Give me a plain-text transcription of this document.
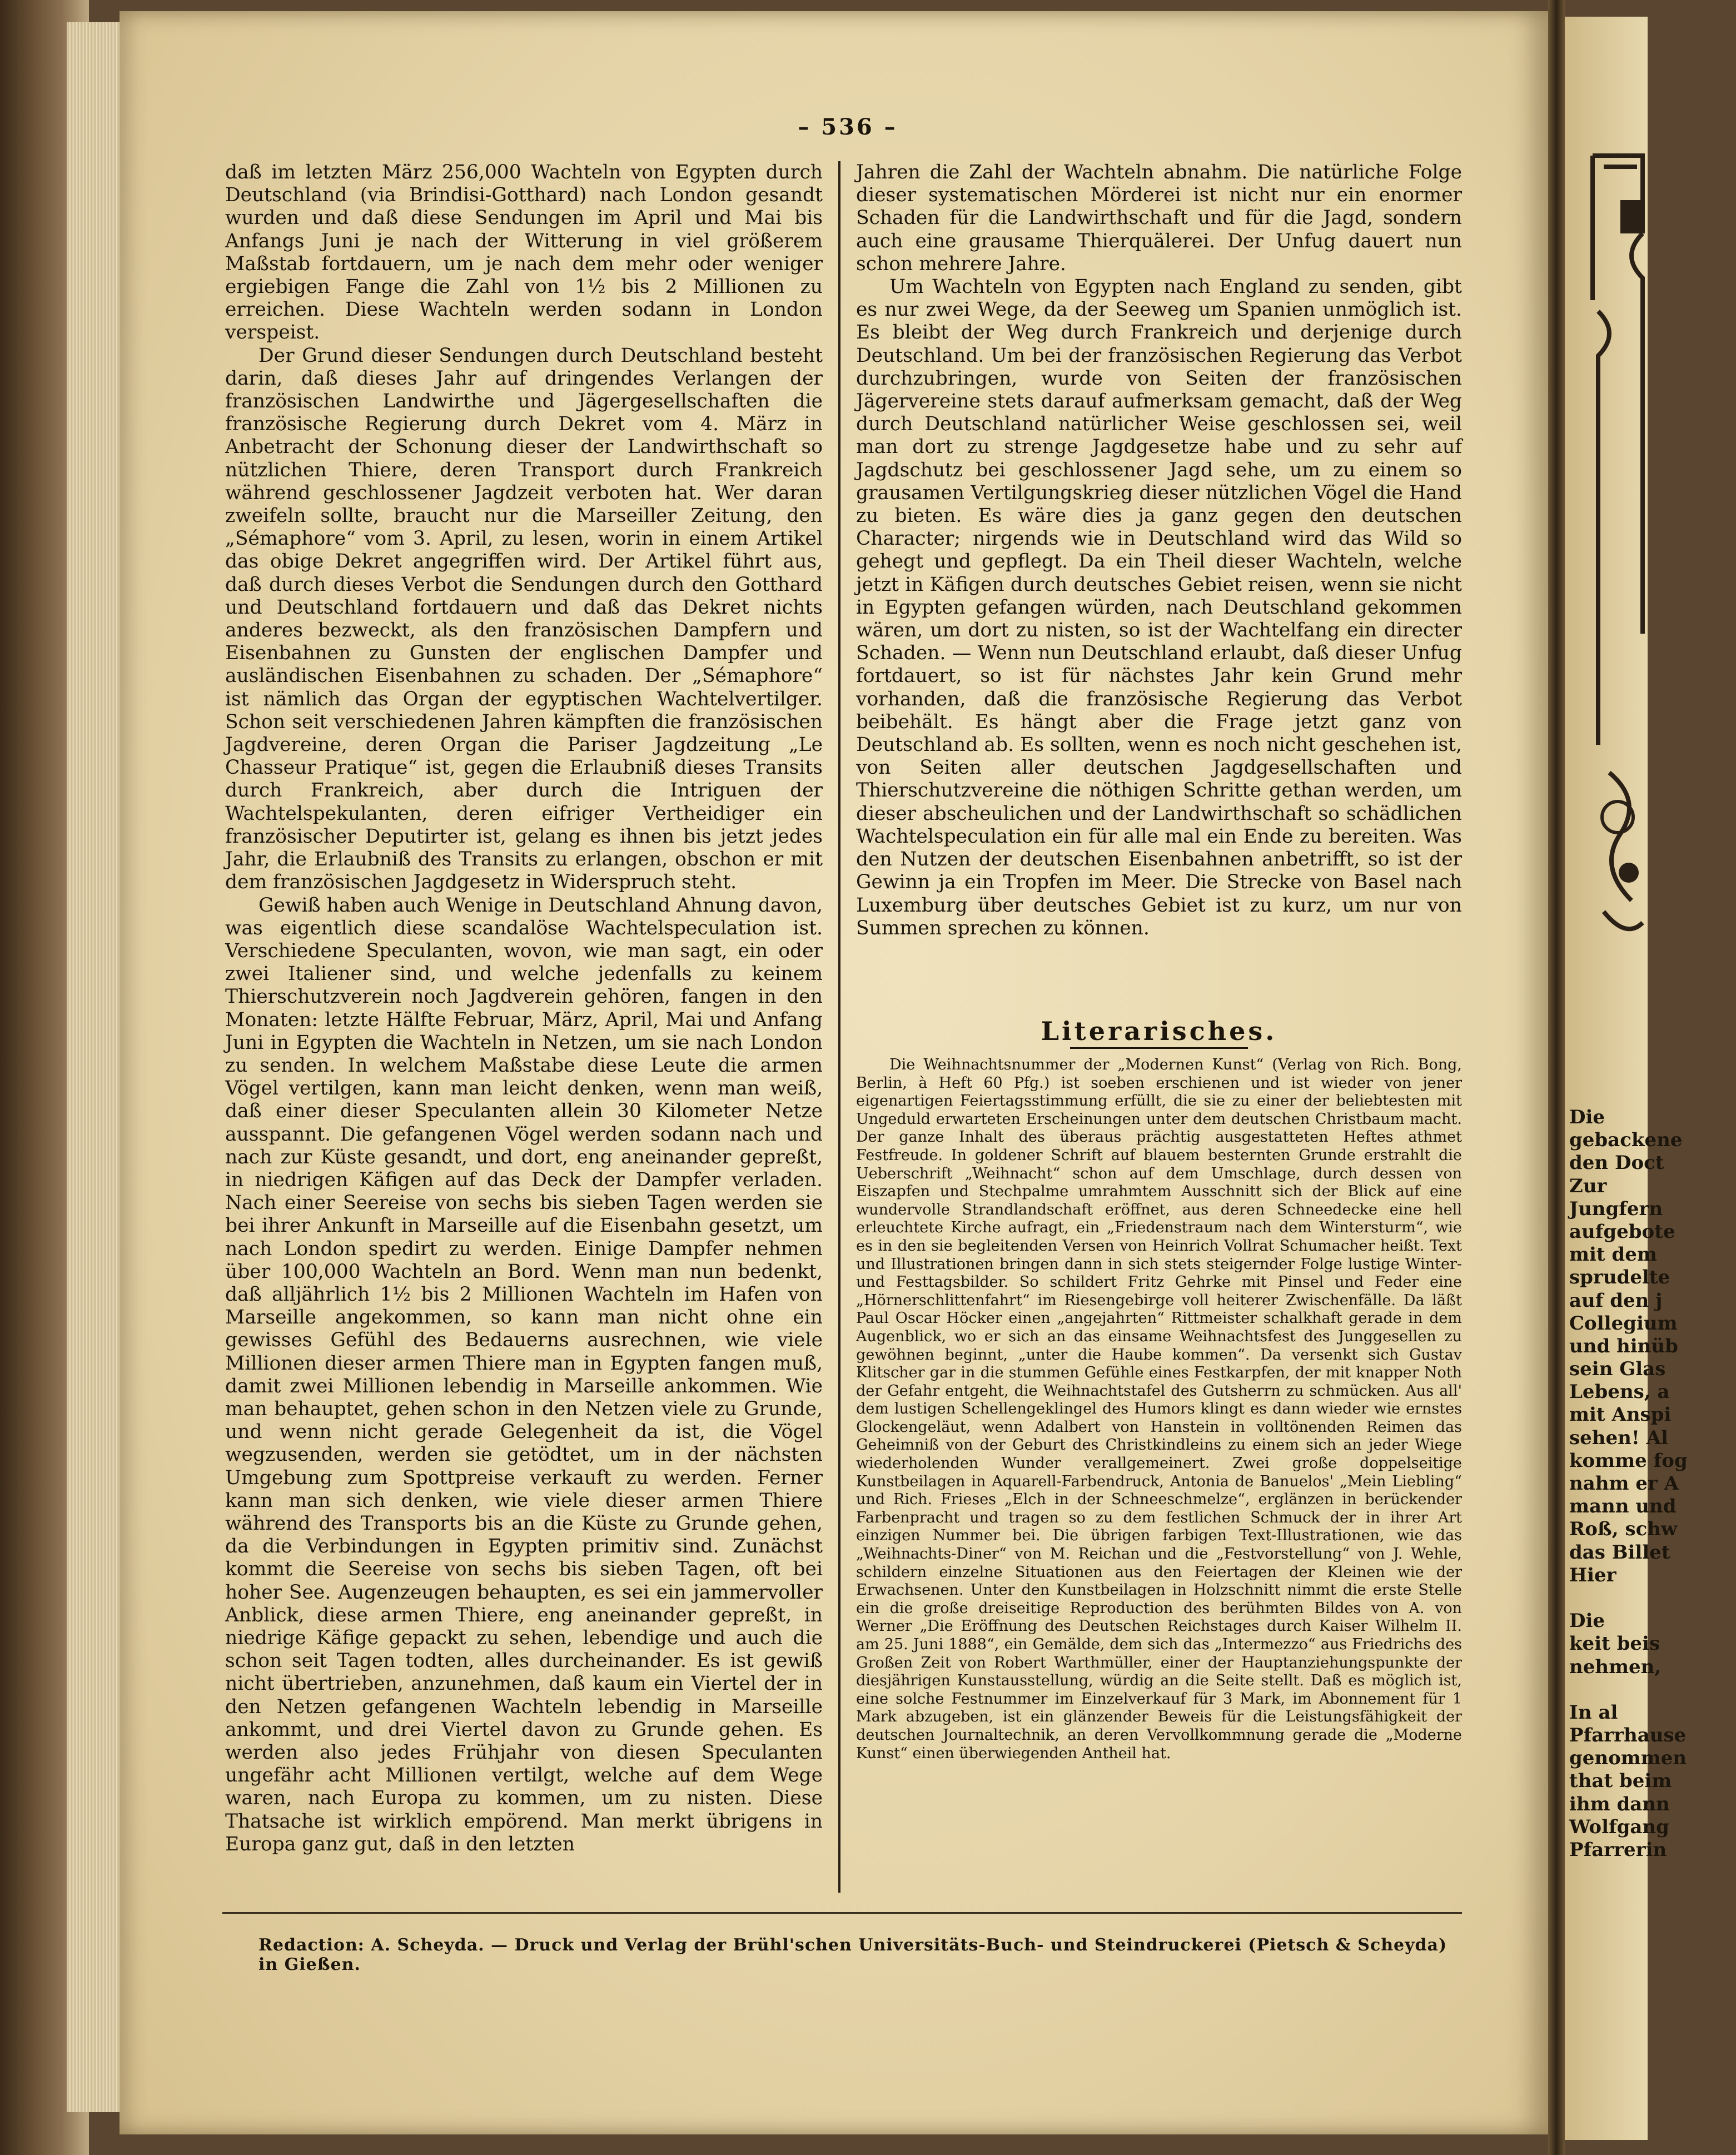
– 536 –

daß im letzten März 256,000 Wachteln von Egypten durch Deutschland (via Brindisi-Gotthard) nach London gesandt wurden und daß diese Sendungen im April und Mai bis Anfangs Juni je nach der Witterung in viel größerem Maßstab fortdauern, um je nach dem mehr oder weniger ergiebigen Fange die Zahl von 1½ bis 2 Millionen zu erreichen. Diese Wachteln werden sodann in London verspeist.

Der Grund dieser Sendungen durch Deutschland besteht darin, daß dieses Jahr auf dringendes Verlangen der französischen Landwirthe und Jägergesellschaften die französische Regierung durch Dekret vom 4. März in Anbetracht der Schonung dieser der Landwirthschaft so nützlichen Thiere, deren Transport durch Frankreich während geschlossener Jagdzeit verboten hat. Wer daran zweifeln sollte, braucht nur die Marseiller Zeitung, den „Sémaphore“ vom 3. April, zu lesen, worin in einem Artikel das obige Dekret angegriffen wird. Der Artikel führt aus, daß durch dieses Verbot die Sendungen durch den Gotthard und Deutschland fortdauern und daß das Dekret nichts anderes bezweckt, als den französischen Dampfern und Eisenbahnen zu Gunsten der englischen Dampfer und ausländischen Eisenbahnen zu schaden. Der „Sémaphore“ ist nämlich das Organ der egyptischen Wachtelvertilger. Schon seit verschiedenen Jahren kämpften die französischen Jagdvereine, deren Organ die Pariser Jagdzeitung „Le Chasseur Pratique“ ist, gegen die Erlaubniß dieses Transits durch Frankreich, aber durch die Intriguen der Wachtelspekulanten, deren eifriger Vertheidiger ein französischer Deputirter ist, gelang es ihnen bis jetzt jedes Jahr, die Erlaubniß des Transits zu erlangen, obschon er mit dem französischen Jagdgesetz in Widerspruch steht.

Gewiß haben auch Wenige in Deutschland Ahnung davon, was eigentlich diese scandalöse Wachtelspeculation ist. Verschiedene Speculanten, wovon, wie man sagt, ein oder zwei Italiener sind, und welche jedenfalls zu keinem Thierschutzverein noch Jagdverein gehören, fangen in den Monaten: letzte Hälfte Februar, März, April, Mai und Anfang Juni in Egypten die Wachteln in Netzen, um sie nach London zu senden. In welchem Maßstabe diese Leute die armen Vögel vertilgen, kann man leicht denken, wenn man weiß, daß einer dieser Speculanten allein 30 Kilometer Netze ausspannt. Die gefangenen Vögel werden sodann nach und nach zur Küste gesandt, und dort, eng aneinander gepreßt, in niedrigen Käfigen auf das Deck der Dampfer verladen. Nach einer Seereise von sechs bis sieben Tagen werden sie bei ihrer Ankunft in Marseille auf die Eisenbahn gesetzt, um nach London spedirt zu werden. Einige Dampfer nehmen über 100,000 Wachteln an Bord. Wenn man nun bedenkt, daß alljährlich 1½ bis 2 Millionen Wachteln im Hafen von Marseille angekommen, so kann man nicht ohne ein gewisses Gefühl des Bedauerns ausrechnen, wie viele Millionen dieser armen Thiere man in Egypten fangen muß, damit zwei Millionen lebendig in Marseille ankommen. Wie man behauptet, gehen schon in den Netzen viele zu Grunde, und wenn nicht gerade Gelegenheit da ist, die Vögel wegzusenden, werden sie getödtet, um in der nächsten Umgebung zum Spottpreise verkauft zu werden. Ferner kann man sich denken, wie viele dieser armen Thiere während des Transports bis an die Küste zu Grunde gehen, da die Verbindungen in Egypten primitiv sind. Zunächst kommt die Seereise von sechs bis sieben Tagen, oft bei hoher See. Augenzeugen behaupten, es sei ein jammervoller Anblick, diese armen Thiere, eng aneinander gepreßt, in niedrige Käfige gepackt zu sehen, lebendige und auch die schon seit Tagen todten, alles durcheinander. Es ist gewiß nicht übertrieben, anzunehmen, daß kaum ein Viertel der in den Netzen gefangenen Wachteln lebendig in Marseille ankommt, und drei Viertel davon zu Grunde gehen. Es werden also jedes Frühjahr von diesen Speculanten ungefähr acht Millionen vertilgt, welche auf dem Wege waren, nach Europa zu kommen, um zu nisten. Diese Thatsache ist wirklich empörend. Man merkt übrigens in Europa ganz gut, daß in den letzten

Jahren die Zahl der Wachteln abnahm. Die natürliche Folge dieser systematischen Mörderei ist nicht nur ein enormer Schaden für die Landwirthschaft und für die Jagd, sondern auch eine grausame Thierquälerei. Der Unfug dauert nun schon mehrere Jahre.

Um Wachteln von Egypten nach England zu senden, gibt es nur zwei Wege, da der Seeweg um Spanien unmöglich ist. Es bleibt der Weg durch Frankreich und derjenige durch Deutschland. Um bei der französischen Regierung das Verbot durchzubringen, wurde von Seiten der französischen Jägervereine stets darauf aufmerksam gemacht, daß der Weg durch Deutschland natürlicher Weise geschlossen sei, weil man dort zu strenge Jagdgesetze habe und zu sehr auf Jagdschutz bei geschlossener Jagd sehe, um zu einem so grausamen Vertilgungskrieg dieser nützlichen Vögel die Hand zu bieten. Es wäre dies ja ganz gegen den deutschen Character; nirgends wie in Deutschland wird das Wild so gehegt und gepflegt. Da ein Theil dieser Wachteln, welche jetzt in Käfigen durch deutsches Gebiet reisen, wenn sie nicht in Egypten gefangen würden, nach Deutschland gekommen wären, um dort zu nisten, so ist der Wachtelfang ein directer Schaden. — Wenn nun Deutschland erlaubt, daß dieser Unfug fortdauert, so ist für nächstes Jahr kein Grund mehr vorhanden, daß die französische Regierung das Verbot beibehält. Es hängt aber die Frage jetzt ganz von Deutschland ab. Es sollten, wenn es noch nicht geschehen ist, von Seiten aller deutschen Jagdgesellschaften und Thierschutzvereine die nöthigen Schritte gethan werden, um dieser abscheulichen und der Landwirthschaft so schädlichen Wachtelspeculation ein für alle mal ein Ende zu bereiten. Was den Nutzen der deutschen Eisenbahnen anbetrifft, so ist der Gewinn ja ein Tropfen im Meer. Die Strecke von Basel nach Luxemburg über deutsches Gebiet ist zu kurz, um nur von Summen sprechen zu können.

Literarisches.

Die Weihnachtsnummer der „Modernen Kunst“ (Verlag von Rich. Bong, Berlin, à Heft 60 Pfg.) ist soeben erschienen und ist wieder von jener eigenartigen Feiertagsstimmung erfüllt, die sie zu einer der beliebtesten mit Ungeduld erwarteten Erscheinungen unter dem deutschen Christbaum macht. Der ganze Inhalt des überaus prächtig ausgestatteten Heftes athmet Festfreude. In goldener Schrift auf blauem besternten Grunde erstrahlt die Ueberschrift „Weihnacht“ schon auf dem Umschlage, durch dessen von Eiszapfen und Stechpalme umrahmtem Ausschnitt sich der Blick auf eine wundervolle Strandlandschaft eröffnet, aus deren Schneedecke eine hell erleuchtete Kirche aufragt, ein „Friedenstraum nach dem Wintersturm“, wie es in den sie begleitenden Versen von Heinrich Vollrat Schumacher heißt. Text und Illustrationen bringen dann in sich stets steigernder Folge lustige Winter- und Festtagsbilder. So schildert Fritz Gehrke mit Pinsel und Feder eine „Hörnerschlittenfahrt“ im Riesengebirge voll heiterer Zwischenfälle. Da läßt Paul Oscar Höcker einen „angejahrten“ Rittmeister schalkhaft gerade in dem Augenblick, wo er sich an das einsame Weihnachtsfest des Junggesellen zu gewöhnen beginnt, „unter die Haube kommen“. Da versenkt sich Gustav Klitscher gar in die stummen Gefühle eines Festkarpfen, der mit knapper Noth der Gefahr entgeht, die Weihnachtstafel des Gutsherrn zu schmücken. Aus all' dem lustigen Schellengeklingel des Humors klingt es dann wieder wie ernstes Glockengeläut, wenn Adalbert von Hanstein in volltönenden Reimen das Geheimniß von der Geburt des Christkindleins zu einem sich an jeder Wiege wiederholenden Wunder verallgemeinert. Zwei große doppelseitige Kunstbeilagen in Aquarell-Farbendruck, Antonia de Banuelos' „Mein Liebling“ und Rich. Frieses „Elch in der Schneeschmelze“, erglänzen in berückender Farbenpracht und tragen so zu dem festlichen Schmuck der in ihrer Art einzigen Nummer bei. Die übrigen farbigen Text-Illustrationen, wie das „Weihnachts-Diner“ von M. Reichan und die „Festvorstellung“ von J. Wehle, schildern einzelne Situationen aus den Feiertagen der Kleinen wie der Erwachsenen. Unter den Kunstbeilagen in Holzschnitt nimmt die erste Stelle ein die große dreiseitige Reproduction des berühmten Bildes von A. von Werner „Die Eröffnung des Deutschen Reichstages durch Kaiser Wilhelm II. am 25. Juni 1888“, ein Gemälde, dem sich das „Intermezzo“ aus Friedrichs des Großen Zeit von Robert Warthmüller, einer der Hauptanziehungspunkte der diesjährigen Kunstausstellung, würdig an die Seite stellt. Daß es möglich ist, eine solche Festnummer im Einzelverkauf für 3 Mark, im Abonnement für 1 Mark abzugeben, ist ein glänzender Beweis für die Leistungsfähigkeit der deutschen Journaltechnik, an deren Vervollkommnung gerade die „Moderne Kunst“ einen überwiegenden Antheil hat.

Redaction: A. Scheyda. — Druck und Verlag der Brühl'schen Universitäts-Buch- und Steindruckerei (Pietsch & Scheyda) in Gießen.
Die
gebackene
den Doct
Zur
Jungfern
aufgebote
mit dem
sprudelte
auf den j
Collegium
und hinüb
sein Glas
Lebens, a
mit Anspi
sehen! Al
komme fog
nahm er A
mann und
Roß, schw
das Billet
Hier
Die
keit beis
nehmen,
In al
Pfarrhause
genommen
that beim
ihm dann
Wolfgang
Pfarrerin
